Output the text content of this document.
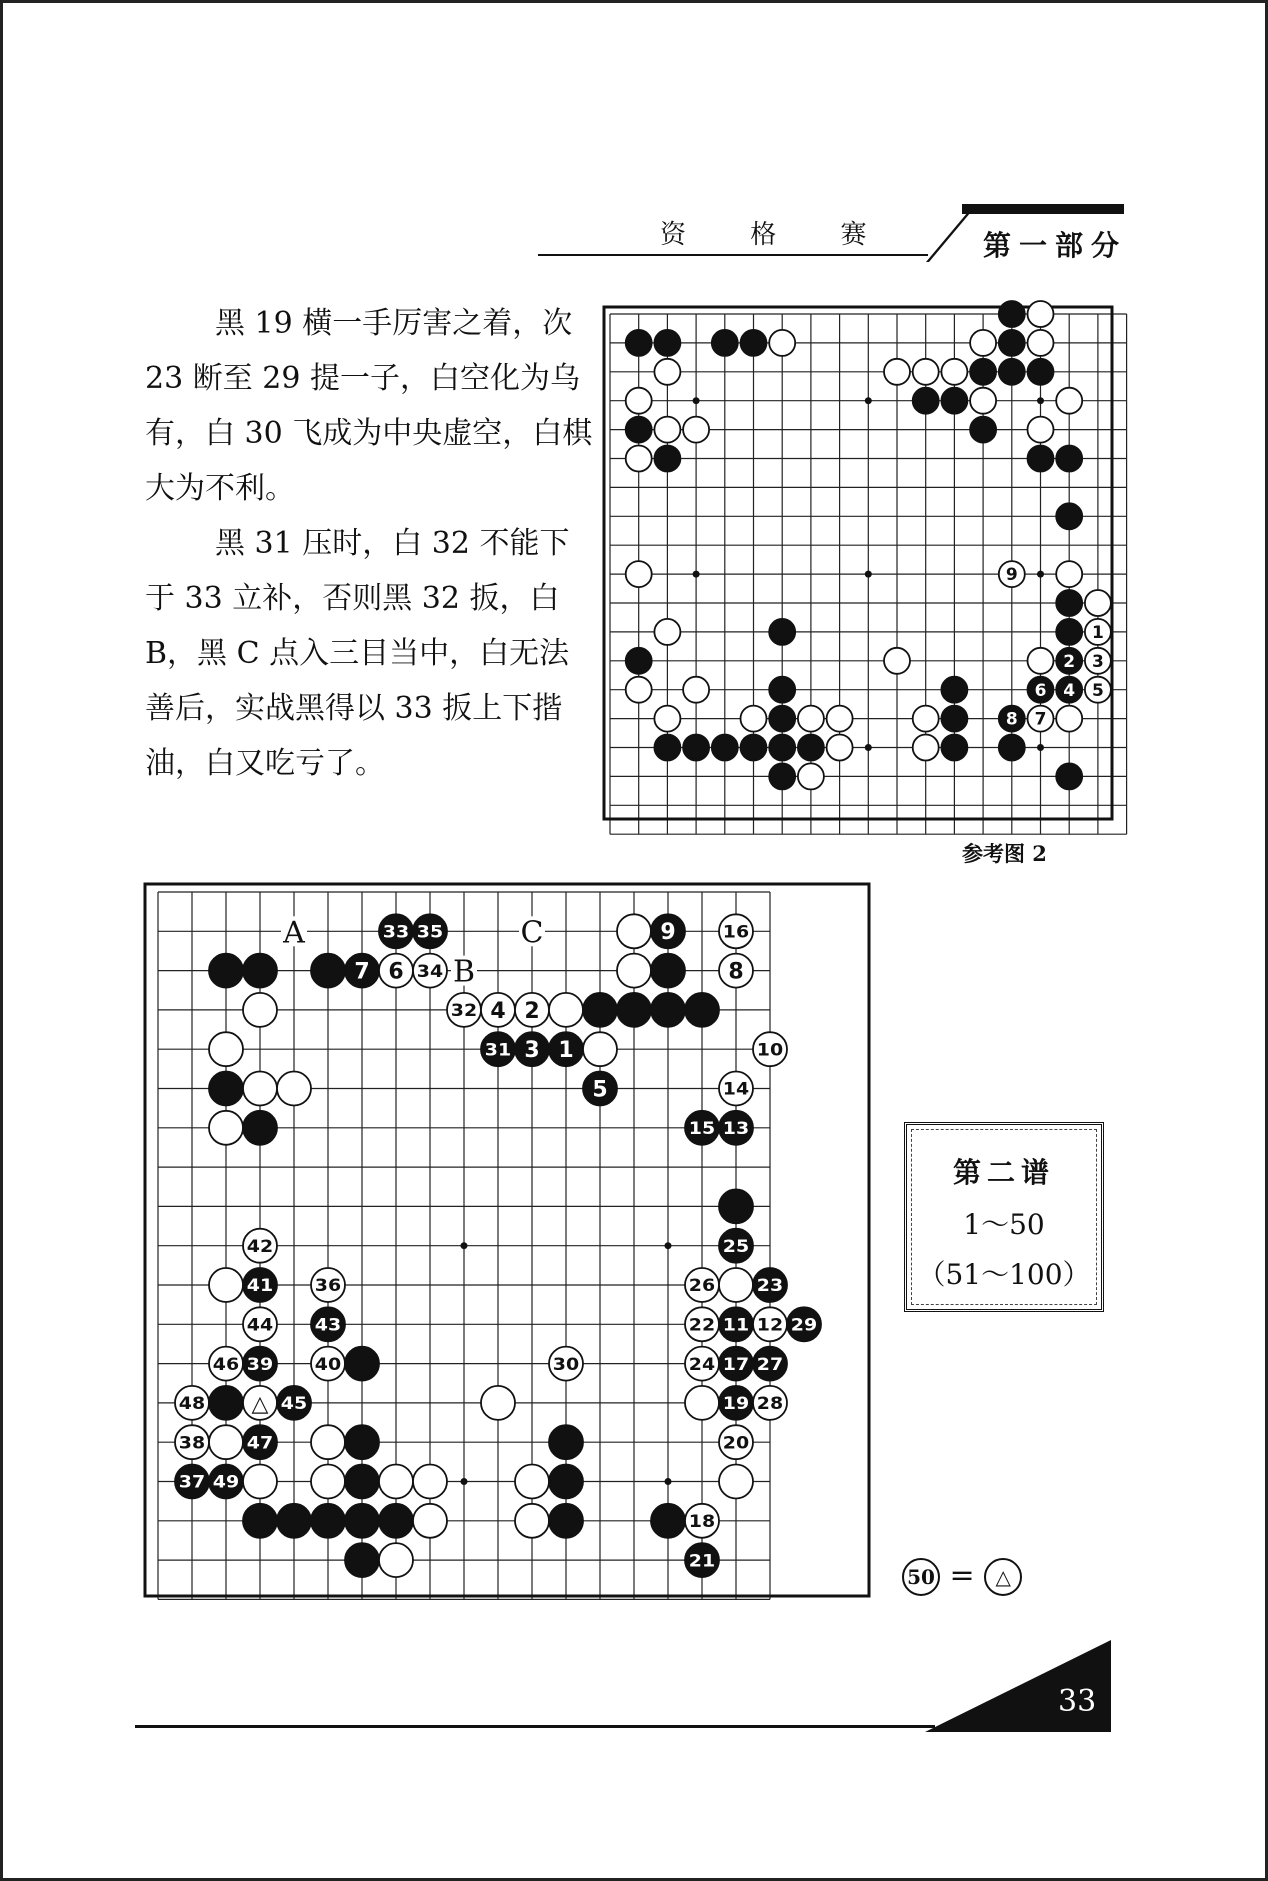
资 格 赛	第一部分

黑 19 横一手厉害之着，次 23 断至 29 提一子，白空化为乌有，白 30 飞成为中央虚空，白棋大为不利。

黑 31 压时，白 32 不能下于 33 立补，否则黑 32 扳，白 B，黑 C 点入三目当中，白无法善后，实战黑得以 33 扳上下揩油，白又吃亏了。

9
1
2 3
6 4 5
8 7
参考图 2
A
B
C
33 35	9	16
7 6 34	8
32 4 2
31 3 1	10
5	14
15 13
42	25
41 36	26 23
44 43	22 11 12 29
46 39 40	30	24 17 27
48 △ 45	19 28
38 47	20
37 49
18
21
第二谱
1～50
（51～100）
50 = △
33
